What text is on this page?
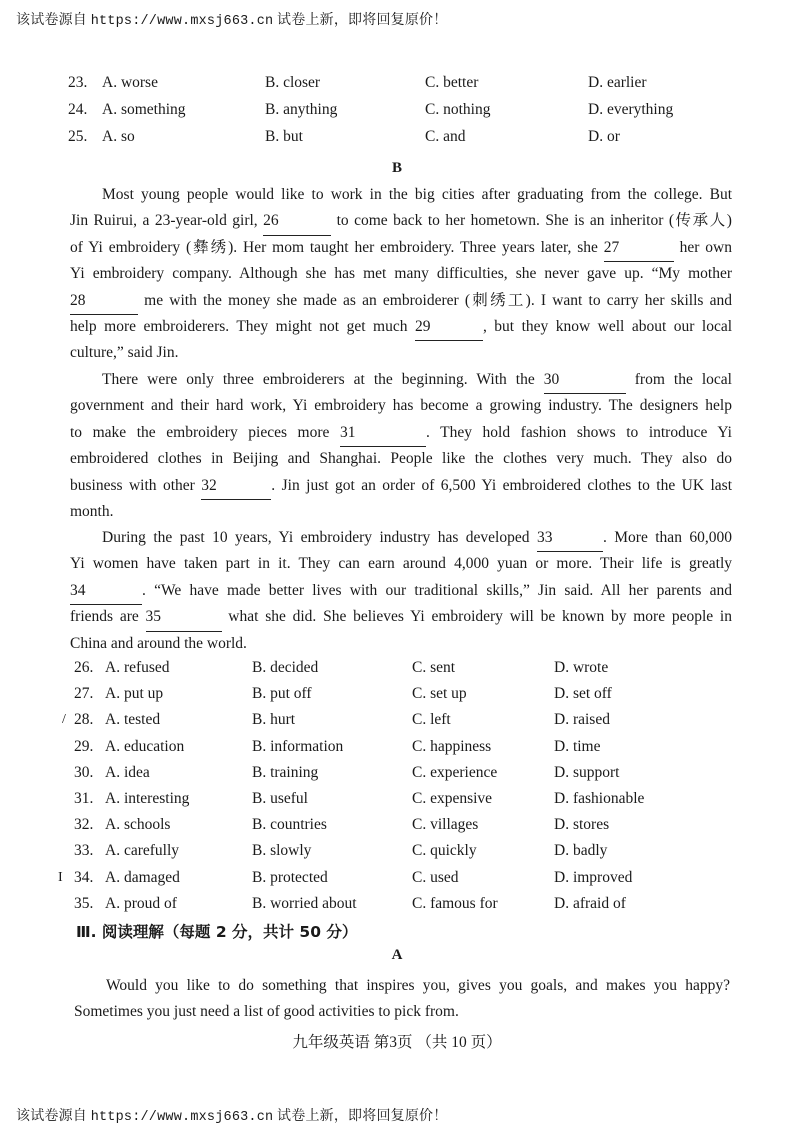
该试卷源自 https://www.mxsj663.cn 试卷上新，即将回复原价！
23. A. worse	B. closer	C. better	D. earlier
24. A. something	B. anything	C. nothing	D. everything
25. A. so	B. but	C. and	D. or
B
Most young people would like to work in the big cities after graduating from the college. But
Jin Ruirui, a 23-year-old girl, 26	to come back to her hometown. She is an inheritor (传承人)
of Yi embroidery (彝绣). Her mom taught her embroidery. Three years later, she 27	her own
Yi embroidery company. Although she has met many difficulties, she never gave up. “My mother
28	me with the money she made as an embroiderer (刺绣工). I want to carry her skills and
help more embroiderers. They might not get much 29	, but they know well about our local
culture,” said Jin.
There were only three embroiderers at the beginning. With the 30	from the local
government and their hard work, Yi embroidery has become a growing industry. The designers help
to make the embroidery pieces more 31	. They hold fashion shows to introduce Yi
embroidered clothes in Beijing and Shanghai. People like the clothes very much. They also do
business with other 32	. Jin just got an order of 6,500 Yi embroidered clothes to the UK last
month.
During the past 10 years, Yi embroidery industry has developed 33	. More than 60,000
Yi women have taken part in it. They can earn around 4,000 yuan or more. Their life is greatly
34	. “We have made better lives with our traditional skills,” Jin said. All her parents and
friends are 35	what she did. She believes Yi embroidery will be known by more people in
China and around the world.
26. A. refused	B. decided	C. sent	D. wrote
27. A. put up	B. put off	C. set up	D. set off
28. A. tested	B. hurt	C. left	D. raised
29. A. education	B. information	C. happiness	D. time
30. A. idea	B. training	C. experience	D. support
31. A. interesting	B. useful	C. expensive	D. fashionable
32. A. schools	B. countries	C. villages	D. stores
33. A. carefully	B. slowly	C. quickly	D. badly
34. A. damaged	B. protected	C. used	D. improved
35. A. proud of	B. worried about	C. famous for	D. afraid of
/
I
Ⅲ. 阅读理解（每题 2 分，共计 50 分）
A
Would you like to do something that inspires you, gives you goals, and makes you happy?
Sometimes you just need a list of good activities to pick from.
九年级英语 第3页 （共 10 页）
该试卷源自 https://www.mxsj663.cn 试卷上新，即将回复原价！
